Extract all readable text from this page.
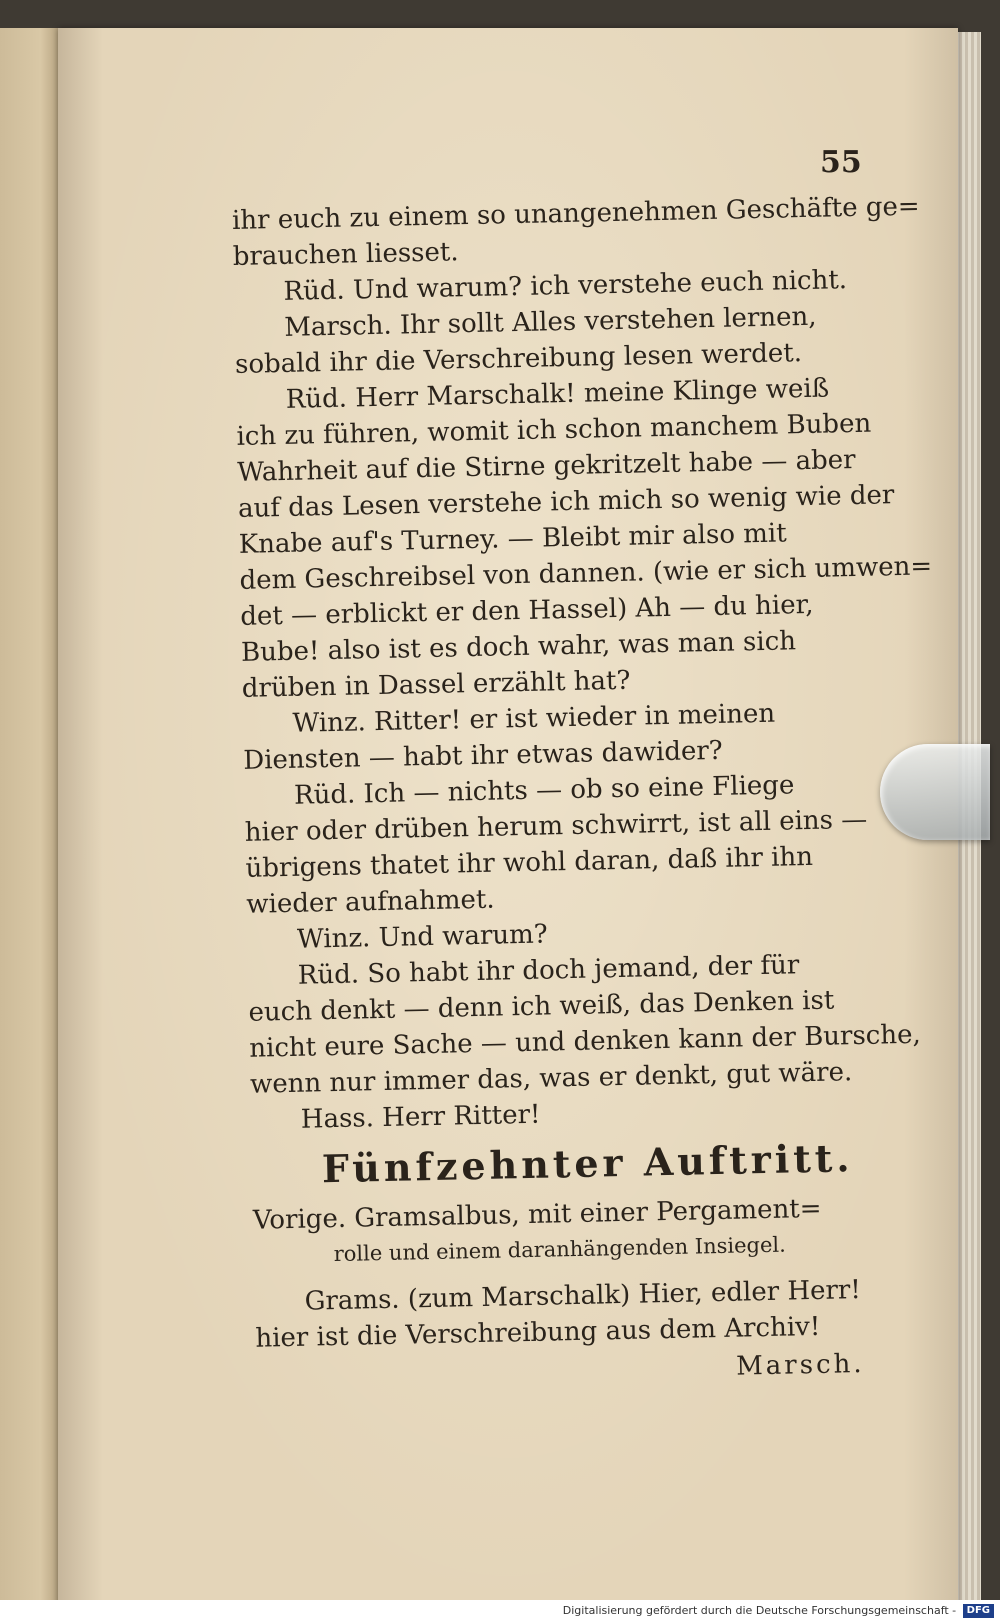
55
ihr euch zu einem so unangenehmen Geschäfte ge=
brauchen liesset.
Rüd. Und warum? ich verstehe euch nicht.
Marsch. Ihr sollt Alles verstehen lernen,
sobald ihr die Verschreibung lesen werdet.
Rüd. Herr Marschalk! meine Klinge weiß
ich zu führen, womit ich schon manchem Buben
Wahrheit auf die Stirne gekritzelt habe — aber
auf das Lesen verstehe ich mich so wenig wie der
Knabe auf's Turney. — Bleibt mir also mit
dem Geschreibsel von dannen. (wie er sich umwen=
det — erblickt er den Hassel) Ah — du hier,
Bube! also ist es doch wahr, was man sich
drüben in Dassel erzählt hat?
Winz. Ritter! er ist wieder in meinen
Diensten — habt ihr etwas dawider?
Rüd. Ich — nichts — ob so eine Fliege
hier oder drüben herum schwirrt, ist all eins —
übrigens thatet ihr wohl daran, daß ihr ihn
wieder aufnahmet.
Winz. Und warum?
Rüd. So habt ihr doch jemand, der für
euch denkt — denn ich weiß, das Denken ist
nicht eure Sache — und denken kann der Bursche,
wenn nur immer das, was er denkt, gut wäre.
Hass. Herr Ritter!
Fünfzehnter Auftritt.
Vorige. Gramsalbus, mit einer Pergament=
rolle und einem daranhängenden Insiegel.
Grams. (zum Marschalk) Hier, edler Herr!
hier ist die Verschreibung aus dem Archiv!
Marsch.
Digitalisierung gefördert durch die Deutsche Forschungsgemeinschaft - DFG
